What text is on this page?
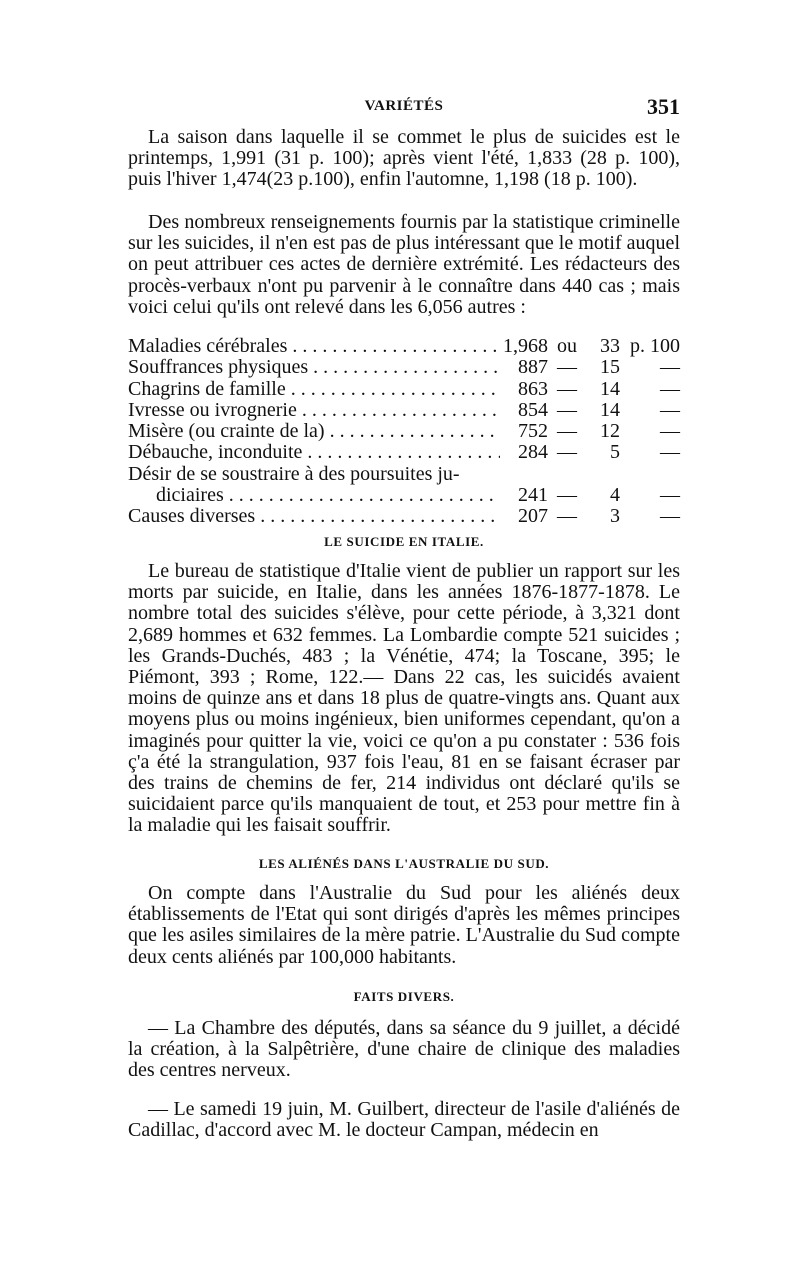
VARIÉTÉS	351

La saison dans laquelle il se commet le plus de suicides est le printemps, 1,991 (31 p. 100); après vient l'été, 1,833 (28 p. 100), puis l'hiver 1,474(23 p.100), enfin l'automne, 1,198 (18 p. 100).

Des nombreux renseignements fournis par la statistique criminelle sur les suicides, il n'en est pas de plus intéressant que le motif auquel on peut attribuer ces actes de dernière extrémité. Les rédacteurs des procès-verbaux n'ont pu parvenir à le connaître dans 440 cas ; mais voici celui qu'ils ont relevé dans les 6,056 autres :

Maladies cérébrales . . .	1,968 ou	33 p. 100
Souffrances physiques . . .	887 —	15	—
Chagrins de famille . . .	863 —	14	—
Ivresse ou ivrognerie . . .	854 —	14	—
Misère (ou crainte de la) . . .	752 —	12	—
Débauche, inconduite . . .	284 —	5	—
Désir de se soustraire à des poursuites ju-
diciaires . . .	241 —	4	—
Causes diverses . . .	207 —	3	—
LE SUICIDE EN ITALIE.

Le bureau de statistique d'Italie vient de publier un rapport sur les morts par suicide, en Italie, dans les années 1876-1877-1878. Le nombre total des suicides s'élève, pour cette période, à 3,321 dont 2,689 hommes et 632 femmes. La Lombardie compte 521 suicides ; les Grands-Duchés, 483 ; la Vénétie, 474; la Toscane, 395; le Piémont, 393 ; Rome, 122.— Dans 22 cas, les suicidés avaient moins de quinze ans et dans 18 plus de quatre-vingts ans. Quant aux moyens plus ou moins ingénieux, bien uniformes cependant, qu'on a imaginés pour quitter la vie, voici ce qu'on a pu constater : 536 fois ç'a été la strangulation, 937 fois l'eau, 81 en se faisant écraser par des trains de chemins de fer, 214 individus ont déclaré qu'ils se suicidaient parce qu'ils manquaient de tout, et 253 pour mettre fin à la maladie qui les faisait souffrir.

LES ALIÉNÉS DANS L'AUSTRALIE DU SUD.

On compte dans l'Australie du Sud pour les aliénés deux établissements de l'Etat qui sont dirigés d'après les mêmes principes que les asiles similaires de la mère patrie. L'Australie du Sud compte deux cents aliénés par 100,000 habitants.

FAITS DIVERS.

— La Chambre des députés, dans sa séance du 9 juillet, a décidé la création, à la Salpêtrière, d'une chaire de clinique des maladies des centres nerveux.

— Le samedi 19 juin, M. Guilbert, directeur de l'asile d'aliénés de Cadillac, d'accord avec M. le docteur Campan, médecin en
